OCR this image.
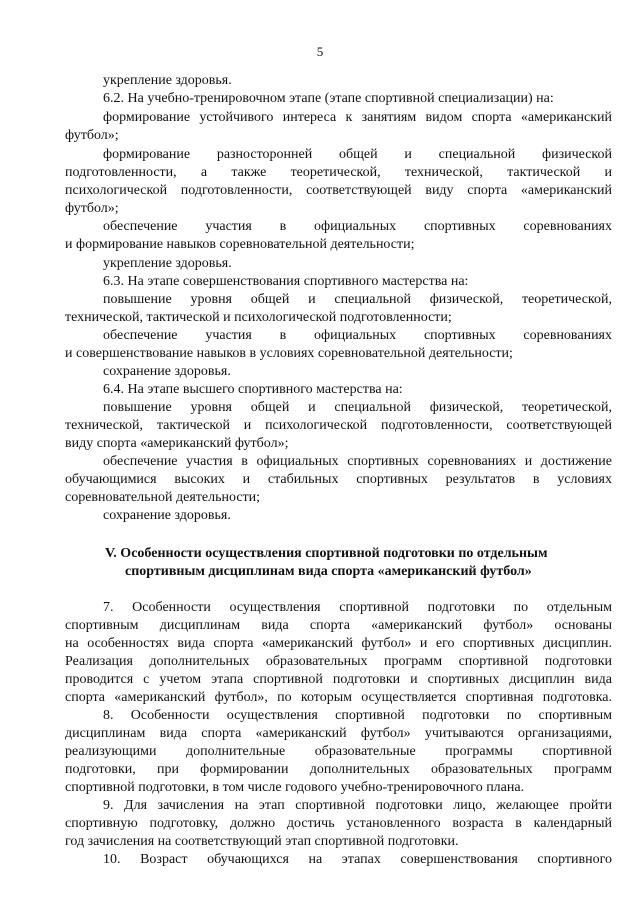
5
укрепление здоровья.
6.2. На учебно-тренировочном этапе (этапе спортивной специализации) на:
формирование устойчивого интереса к занятиям видом спорта «американский
футбол»;
формирование разносторонней общей и специальной физической
подготовленности, а также теоретической, технической, тактической и
психологической подготовленности, соответствующей виду спорта «американский
футбол»;
обеспечение участия в официальных спортивных соревнованиях
и формирование навыков соревновательной деятельности;
укрепление здоровья.
6.3. На этапе совершенствования спортивного мастерства на:
повышение уровня общей и специальной физической, теоретической,
технической, тактической и психологической подготовленности;
обеспечение участия в официальных спортивных соревнованиях
и совершенствование навыков в условиях соревновательной деятельности;
сохранение здоровья.
6.4. На этапе высшего спортивного мастерства на:
повышение уровня общей и специальной физической, теоретической,
технической, тактической и психологической подготовленности, соответствующей
виду спорта «американский футбол»;
обеспечение участия в официальных спортивных соревнованиях и достижение
обучающимися высоких и стабильных спортивных результатов в условиях
соревновательной деятельности;
сохранение здоровья.
V. Особенности осуществления спортивной подготовки по отдельным
спортивным дисциплинам вида спорта «американский футбол»
7. Особенности осуществления спортивной подготовки по отдельным
спортивным дисциплинам вида спорта «американский футбол» основаны
на особенностях вида спорта «американский футбол» и его спортивных дисциплин.
Реализация дополнительных образовательных программ спортивной подготовки
проводится с учетом этапа спортивной подготовки и спортивных дисциплин вида
спорта «американский футбол», по которым осуществляется спортивная подготовка.
8. Особенности осуществления спортивной подготовки по спортивным
дисциплинам вида спорта «американский футбол» учитываются организациями,
реализующими дополнительные образовательные программы спортивной
подготовки, при формировании дополнительных образовательных программ
спортивной подготовки, в том числе годового учебно-тренировочного плана.
9. Для зачисления на этап спортивной подготовки лицо, желающее пройти
спортивную подготовку, должно достичь установленного возраста в календарный
год зачисления на соответствующий этап спортивной подготовки.
10. Возраст обучающихся на этапах совершенствования спортивного
